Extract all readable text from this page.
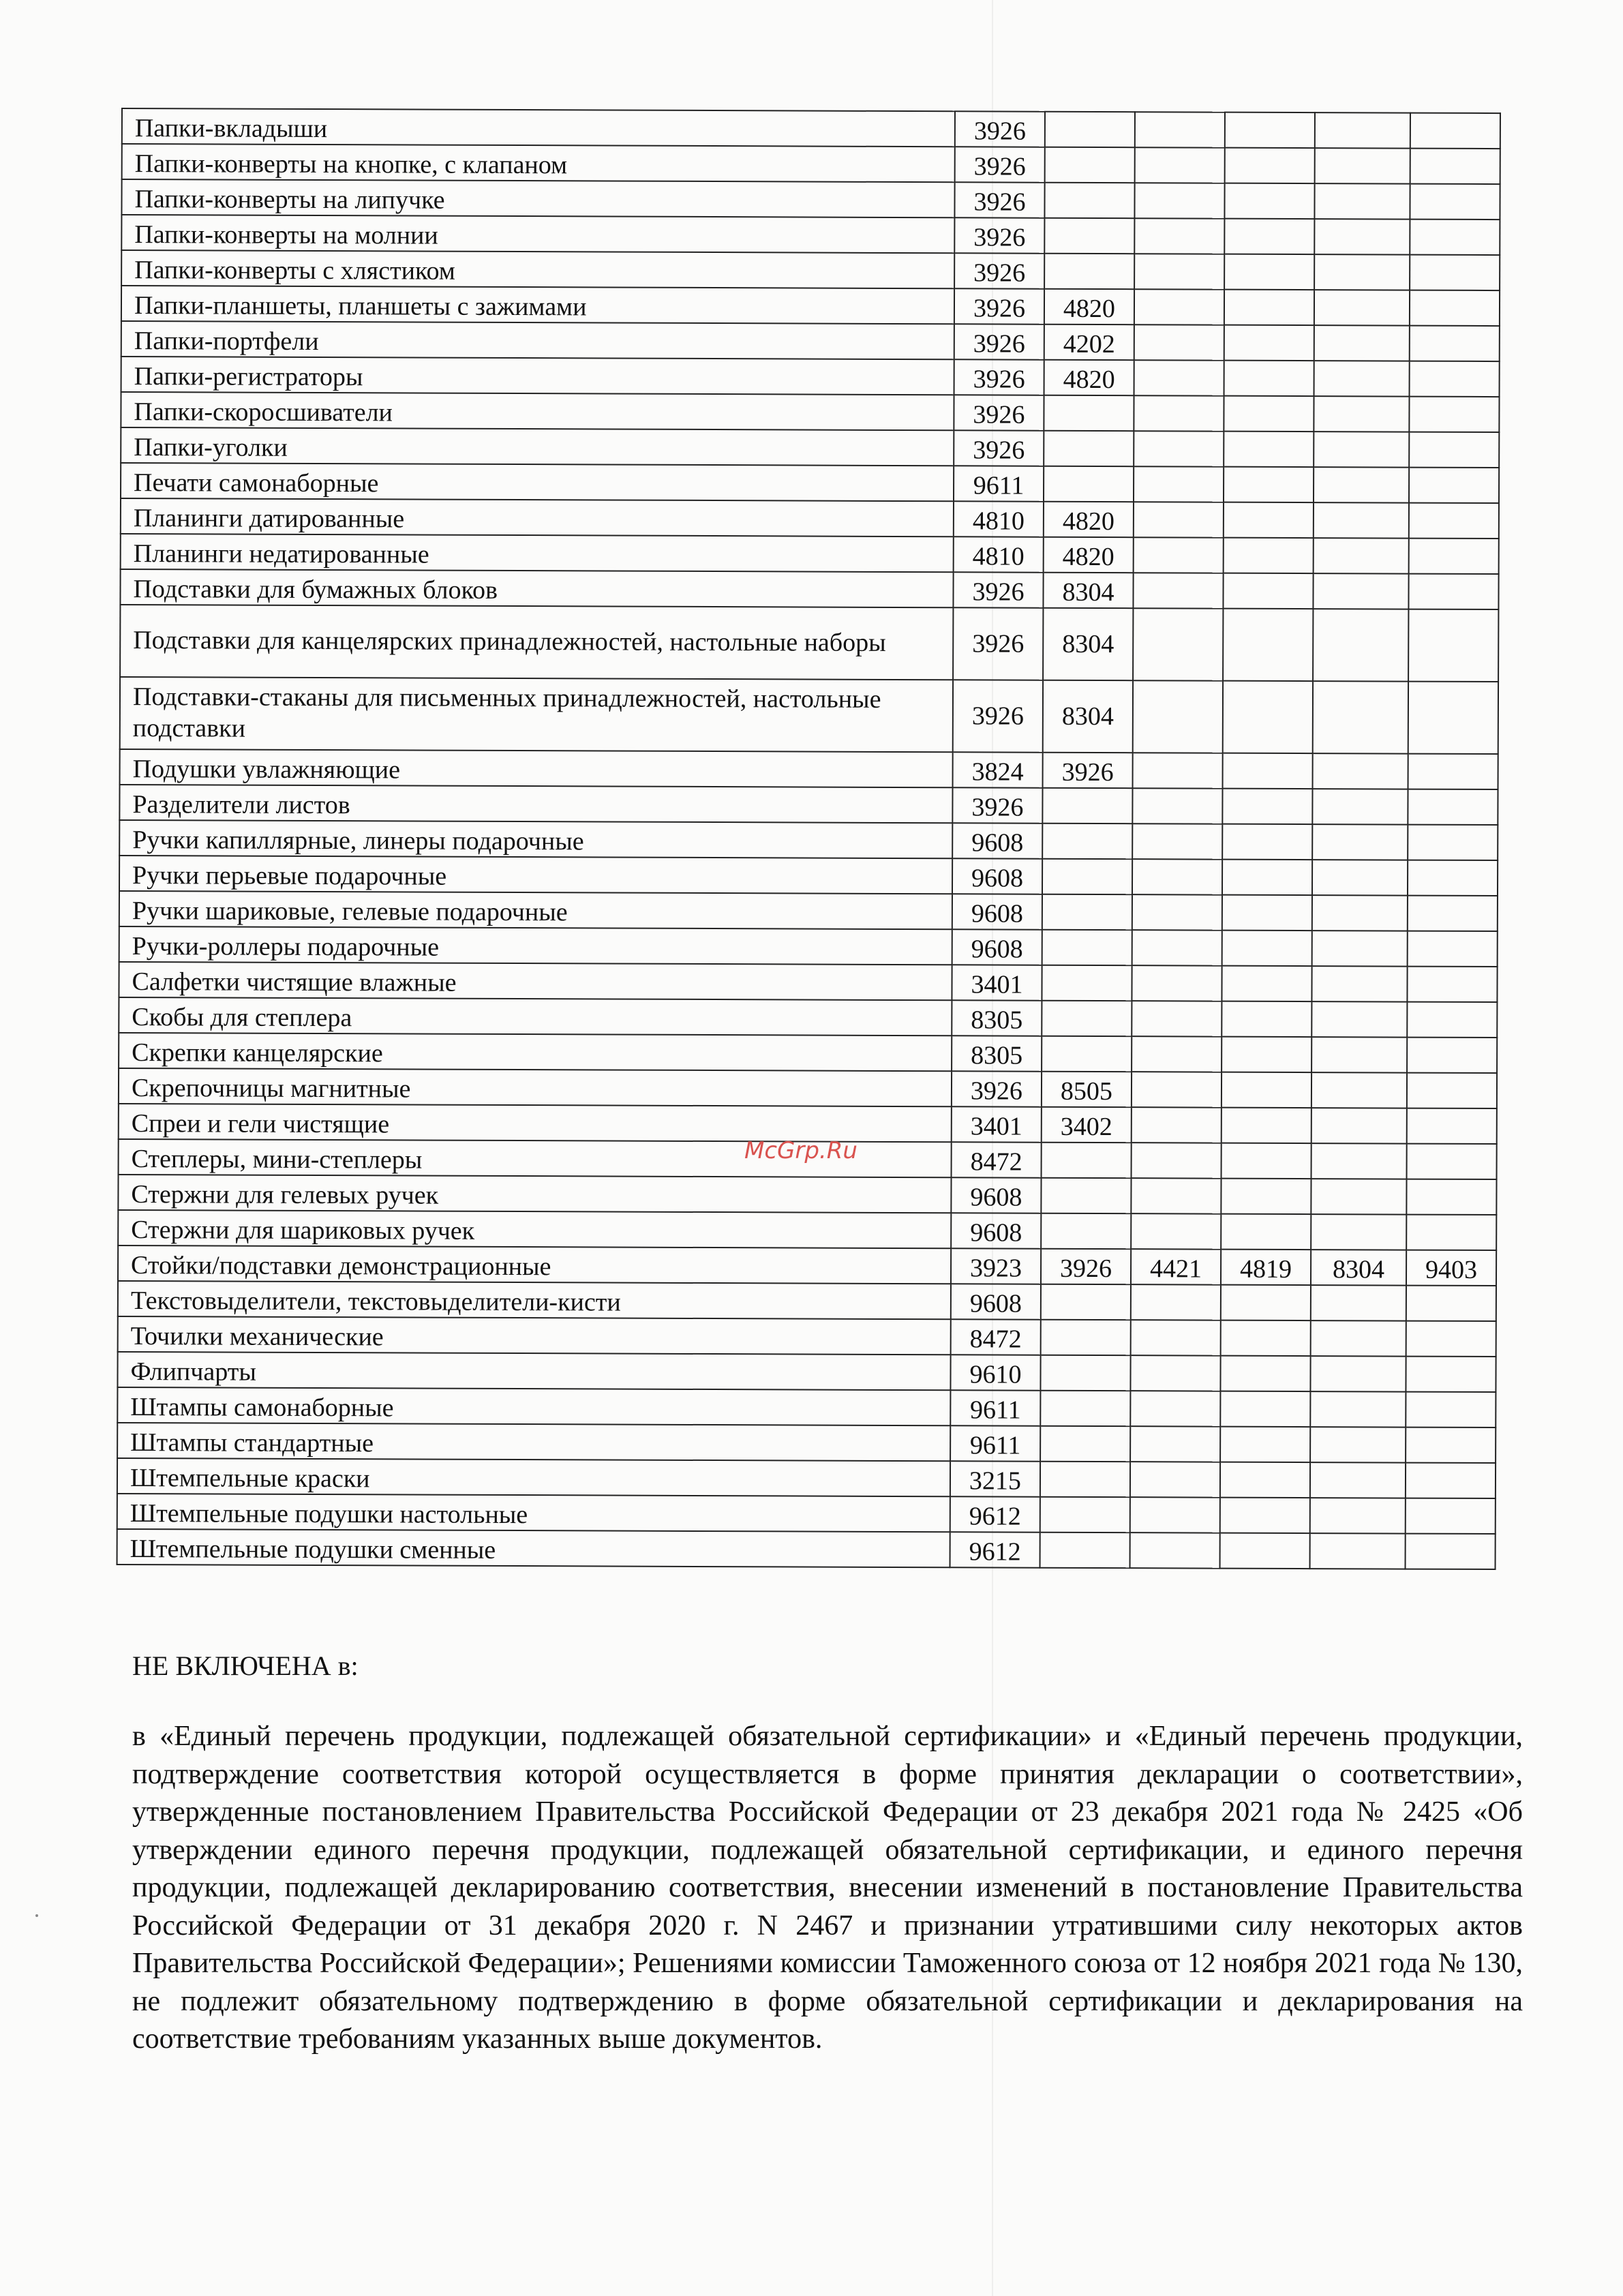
Папки-вкладыши	3926					
Папки-конверты на кнопке, с клапаном	3926					
Папки-конверты на липучке	3926					
Папки-конверты на молнии	3926					
Папки-конверты с хлястиком	3926					
Папки-планшеты, планшеты с зажимами	3926	4820				
Папки-портфели	3926	4202				
Папки-регистраторы	3926	4820				
Папки-скоросшиватели	3926					
Папки-уголки	3926					
Печати самонаборные	9611					
Планинги датированные	4810	4820				
Планинги недатированные	4810	4820				
Подставки для бумажных блоков	3926	8304				
Подставки для канцелярских принадлежностей, настольные наборы	3926	8304				
Подставки-стаканы для письменных принадлежностей, настольные подставки	3926	8304				
Подушки увлажняющие	3824	3926				
Разделители листов	3926					
Ручки капиллярные, линеры подарочные	9608					
Ручки перьевые подарочные	9608					
Ручки шариковые, гелевые подарочные	9608					
Ручки-роллеры подарочные	9608					
Салфетки чистящие влажные	3401					
Скобы для степлера	8305					
Скрепки канцелярские	8305					
Скрепочницы магнитные	3926	8505				
Спреи и гели чистящие	3401	3402				
Степлеры, мини-степлеры	8472					
Стержни для гелевых ручек	9608					
Стержни для шариковых ручек	9608					
Стойки/подставки демонстрационные	3923	3926	4421	4819	8304	9403
Текстовыделители, текстовыделители-кисти	9608					
Точилки механические	8472					
Флипчарты	9610					
Штампы самонаборные	9611					
Штампы стандартные	9611					
Штемпельные краски	3215					
Штемпельные подушки настольные	9612					
Штемпельные подушки сменные	9612					
McGrp.Ru

НЕ ВКЛЮЧЕНА в:

в «Единый перечень продукции, подлежащей обязательной сертификации» и «Единый перечень продукции, подтверждение соответствия которой осуществляется в форме принятия декларации о соответствии», утвержденные постановлением Правительства Российской Федерации от 23 декабря 2021 года № 2425 «Об утверждении единого перечня продукции, подлежащей обязательной сертификации, и единого перечня продукции, подлежащей декларированию соответствия, внесении изменений в постановление Правительства Российской Федерации от 31 декабря 2020 г. N 2467 и признании утратившими силу некоторых актов Правительства Российской Федерации»; Решениями комиссии Таможенного союза от 12 ноября 2021 года № 130, не подлежит обязательному подтверждению в форме обязательной сертификации и декларирования на соответствие требованиям указанных выше документов.
